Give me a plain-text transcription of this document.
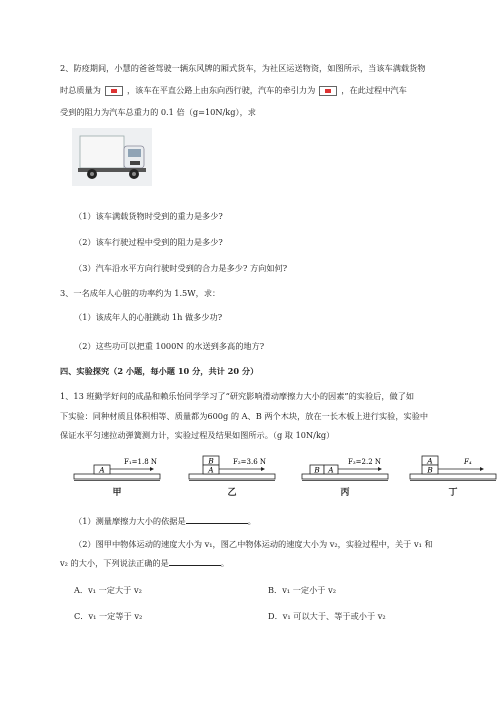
2、防疫期间，小慧的爸爸驾驶一辆东风牌的厢式货车，为社区运送物资，如图所示，当该车满载货物
时总质量为	，该车在平直公路上由东向西行驶，汽车的牵引力为	，在此过程中汽车
受到的阻力为汽车总重力的 0.1 倍（g=10N/kg），求
（1）该车满载货物时受到的重力是多少?
（2）该车行驶过程中受到的阻力是多少?
（3）汽车沿水平方向行驶时受到的合力是多少? 方向如何?
3、一名成年人心脏的功率约为 1.5W，求：
（1）该成年人的心脏跳动 1h 做多少功?
（2）这些功可以把重 1000N 的水送到多高的地方?
四、实验探究（2 小题，每小题 10 分，共计 20 分）
1、13 班勤学好问的成晶和赖乐怡同学学习了“研究影响滑动摩擦力大小的因素”的实验后，做了如
下实验：同种材质且体积相等、质量都为600g 的 A、B 两个木块，放在一长木板上进行实验，实验中
保证水平匀速拉动弹簧测力计，实验过程及结果如图所示。（g 取 10N/kg）
A
F₁=1.8 N
甲
B
A
F₂=3.6 N
乙
B A
F₃=2.2 N
丙
A
B
F₄
丁
（1）测量摩擦力大小的依据是	。
（2）图甲中物体运动的速度大小为 v₁，图乙中物体运动的速度大小为 v₂，实验过程中，关于 v₁ 和
v₂ 的大小，下列说法正确的是	。
A．v₁ 一定大于 v₂	B．v₁ 一定小于 v₂
C．v₁ 一定等于 v₂	D．v₁ 可以大于、等于或小于 v₂
